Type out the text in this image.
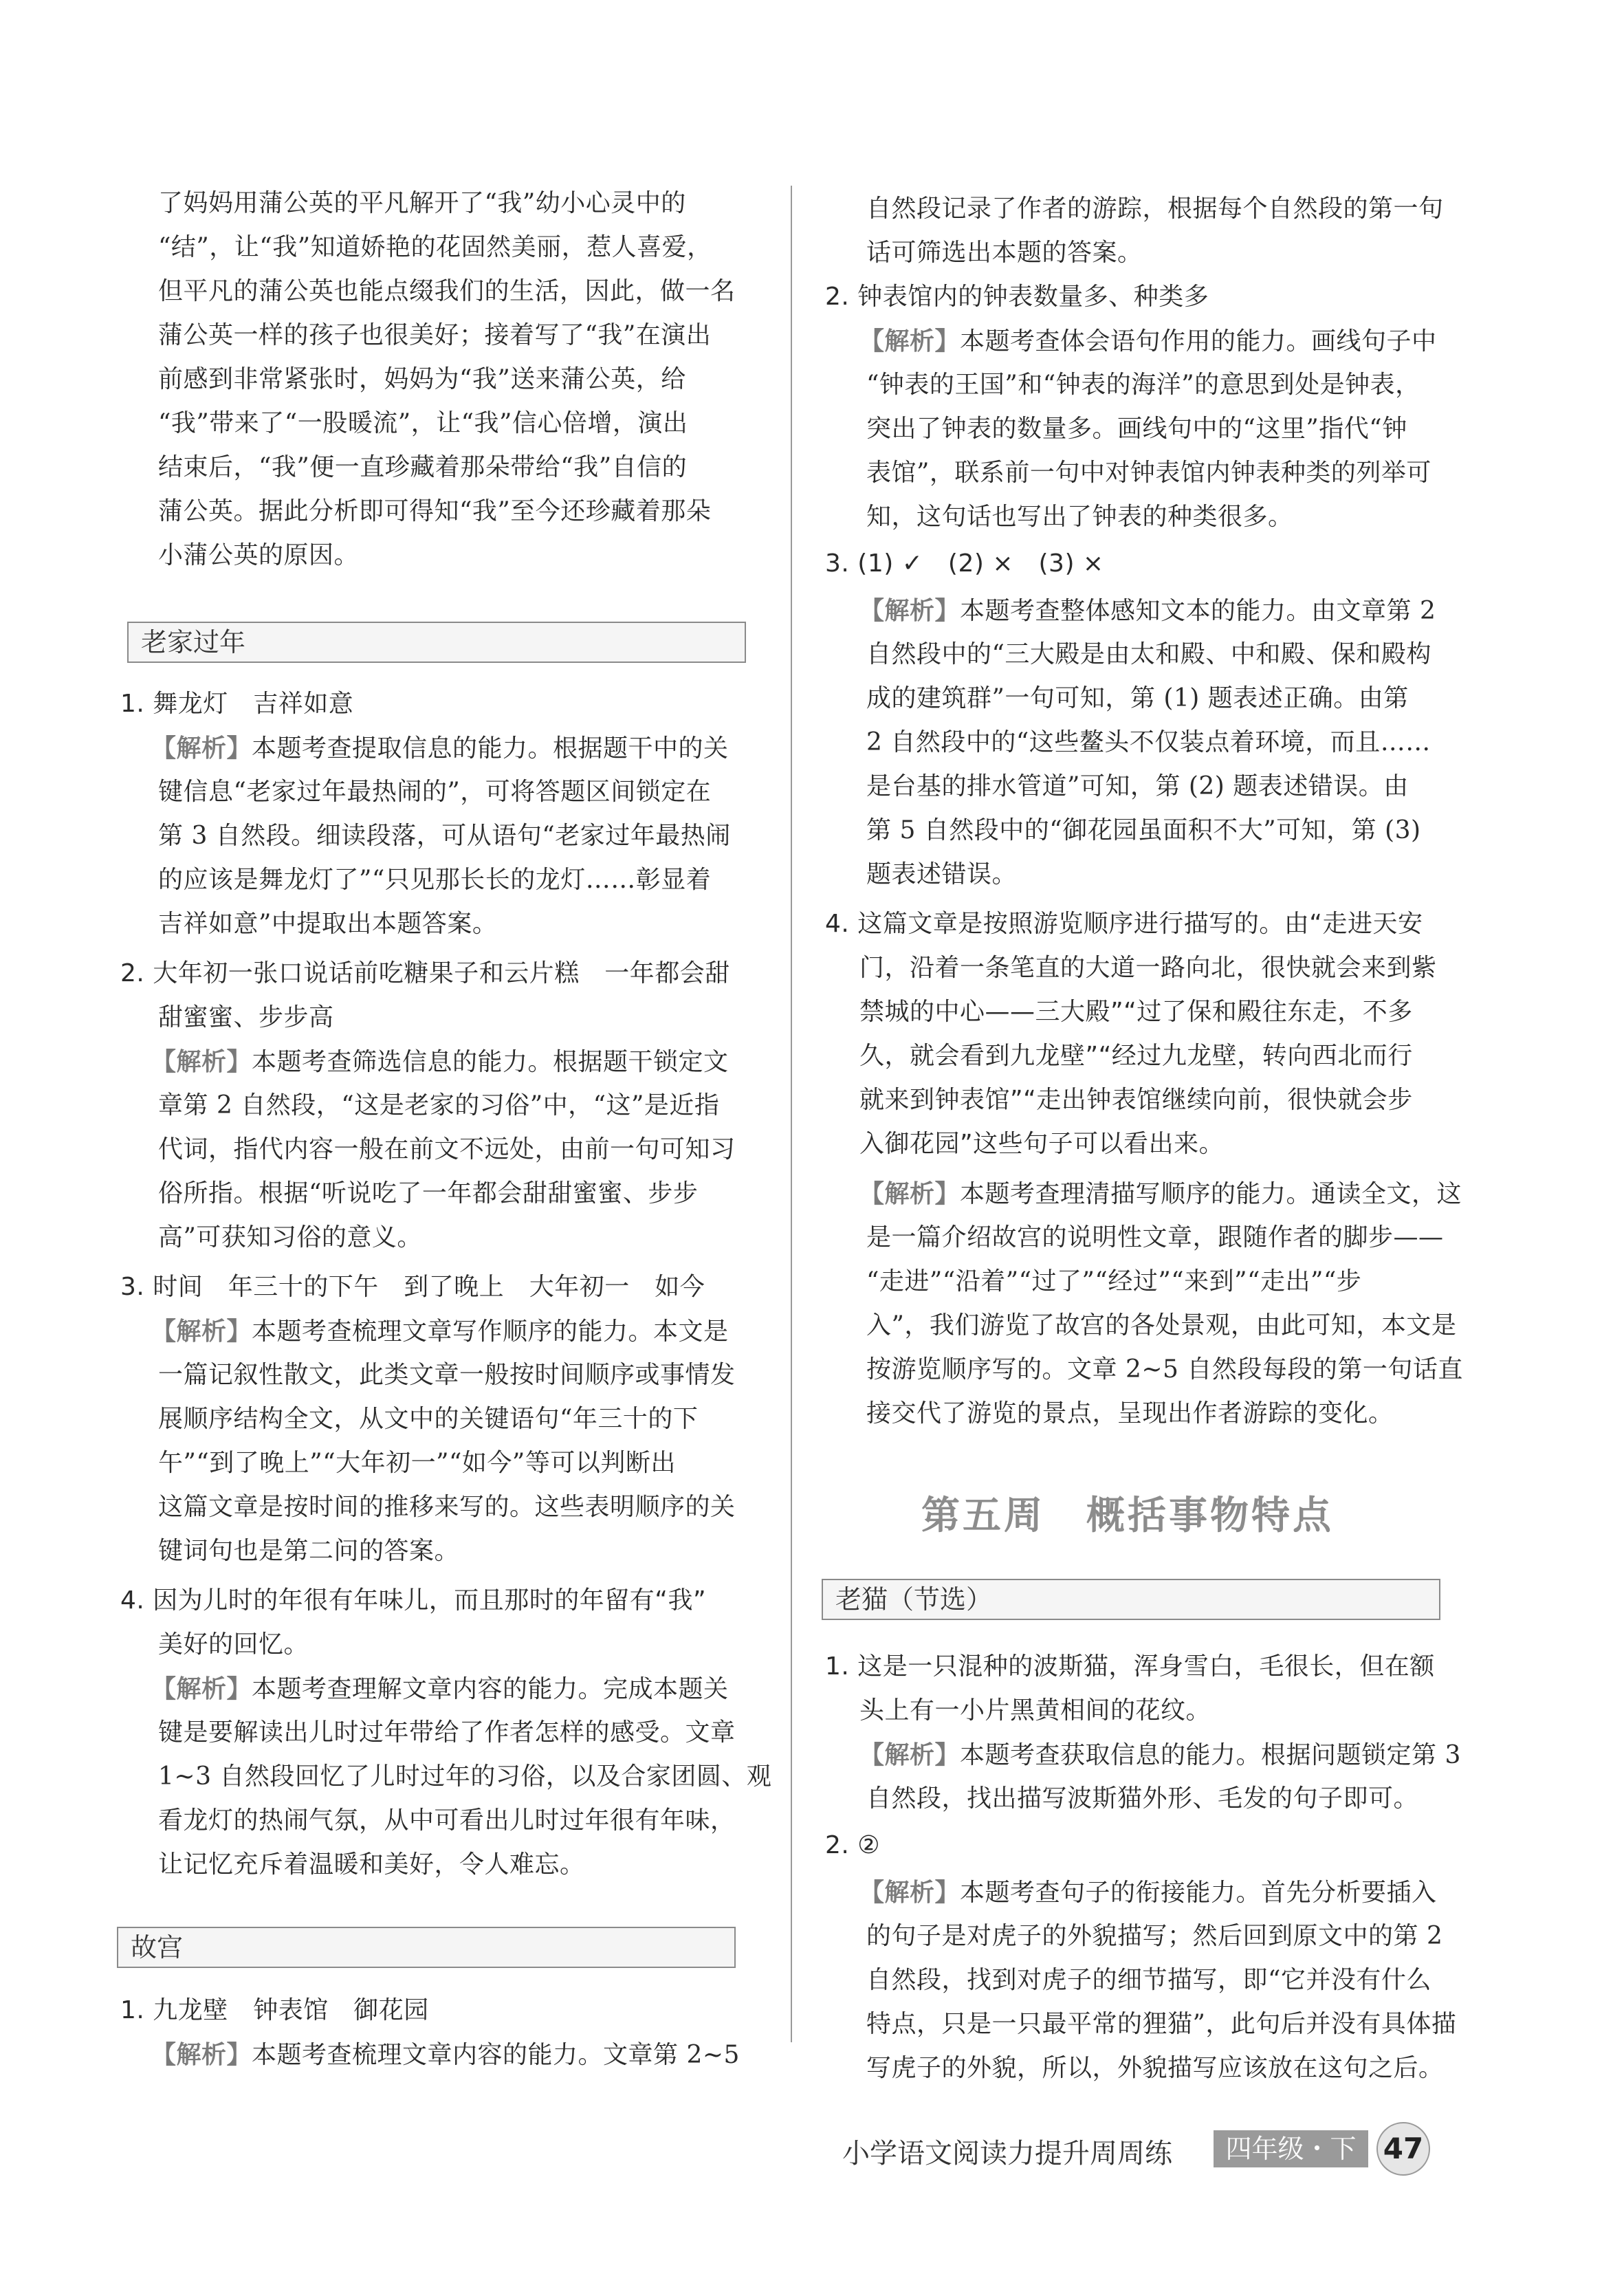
了妈妈用蒲公英的平凡解开了“我”幼小心灵中的
“结”，让“我”知道娇艳的花固然美丽，惹人喜爱，
但平凡的蒲公英也能点缀我们的生活，因此，做一名
蒲公英一样的孩子也很美好；接着写了“我”在演出
前感到非常紧张时，妈妈为“我”送来蒲公英，给
“我”带来了“一股暖流”，让“我”信心倍增，演出
结束后，“我”便一直珍藏着那朵带给“我”自信的
蒲公英。据此分析即可得知“我”至今还珍藏着那朵
小蒲公英的原因。
老家过年
1. 舞龙灯　吉祥如意
【解析】本题考查提取信息的能力。根据题干中的关
键信息“老家过年最热闹的”，可将答题区间锁定在
第 3 自然段。细读段落，可从语句“老家过年最热闹
的应该是舞龙灯了”“只见那长长的龙灯……彰显着
吉祥如意”中提取出本题答案。
2. 大年初一张口说话前吃糖果子和云片糕　一年都会甜
甜蜜蜜、步步高
【解析】本题考查筛选信息的能力。根据题干锁定文
章第 2 自然段，“这是老家的习俗”中，“这”是近指
代词，指代内容一般在前文不远处，由前一句可知习
俗所指。根据“听说吃了一年都会甜甜蜜蜜、步步
高”可获知习俗的意义。
3. 时间　年三十的下午　到了晚上　大年初一　如今
【解析】本题考查梳理文章写作顺序的能力。本文是
一篇记叙性散文，此类文章一般按时间顺序或事情发
展顺序结构全文，从文中的关键语句“年三十的下
午”“到了晚上”“大年初一”“如今”等可以判断出
这篇文章是按时间的推移来写的。这些表明顺序的关
键词句也是第二问的答案。
4. 因为儿时的年很有年味儿，而且那时的年留有“我”
美好的回忆。
【解析】本题考查理解文章内容的能力。完成本题关
键是要解读出儿时过年带给了作者怎样的感受。文章
1~3 自然段回忆了儿时过年的习俗，以及合家团圆、观
看龙灯的热闹气氛，从中可看出儿时过年很有年味，
让记忆充斥着温暖和美好，令人难忘。
故宫
1. 九龙壁　钟表馆　御花园
【解析】本题考查梳理文章内容的能力。文章第 2~5
自然段记录了作者的游踪，根据每个自然段的第一句
话可筛选出本题的答案。
2. 钟表馆内的钟表数量多、种类多
【解析】本题考查体会语句作用的能力。画线句子中
“钟表的王国”和“钟表的海洋”的意思到处是钟表，
突出了钟表的数量多。画线句中的“这里”指代“钟
表馆”，联系前一句中对钟表馆内钟表种类的列举可
知，这句话也写出了钟表的种类很多。
3. (1) ✓　(2) ×　(3) ×
【解析】本题考查整体感知文本的能力。由文章第 2
自然段中的“三大殿是由太和殿、中和殿、保和殿构
成的建筑群”一句可知，第 (1) 题表述正确。由第
2 自然段中的“这些鳌头不仅装点着环境，而且……
是台基的排水管道”可知，第 (2) 题表述错误。由
第 5 自然段中的“御花园虽面积不大”可知，第 (3)
题表述错误。
4. 这篇文章是按照游览顺序进行描写的。由“走进天安
门，沿着一条笔直的大道一路向北，很快就会来到紫
禁城的中心——三大殿”“过了保和殿往东走，不多
久，就会看到九龙壁”“经过九龙壁，转向西北而行
就来到钟表馆”“走出钟表馆继续向前，很快就会步
入御花园”这些句子可以看出来。
【解析】本题考查理清描写顺序的能力。通读全文，这
是一篇介绍故宫的说明性文章，跟随作者的脚步——
“走进”“沿着”“过了”“经过”“来到”“走出”“步
入”，我们游览了故宫的各处景观，由此可知，本文是
按游览顺序写的。文章 2~5 自然段每段的第一句话直
接交代了游览的景点，呈现出作者游踪的变化。
老猫（节选）
1. 这是一只混种的波斯猫，浑身雪白，毛很长，但在额
头上有一小片黑黄相间的花纹。
【解析】本题考查获取信息的能力。根据问题锁定第 3
自然段，找出描写波斯猫外形、毛发的句子即可。
2. ②
【解析】本题考查句子的衔接能力。首先分析要插入
的句子是对虎子的外貌描写；然后回到原文中的第 2
自然段，找到对虎子的细节描写，即“它并没有什么
特点，只是一只最平常的狸猫”，此句后并没有具体描
写虎子的外貌，所以，外貌描写应该放在这句之后。
第五周　概括事物特点
小学语文阅读力提升周周练	四年级・下 47
